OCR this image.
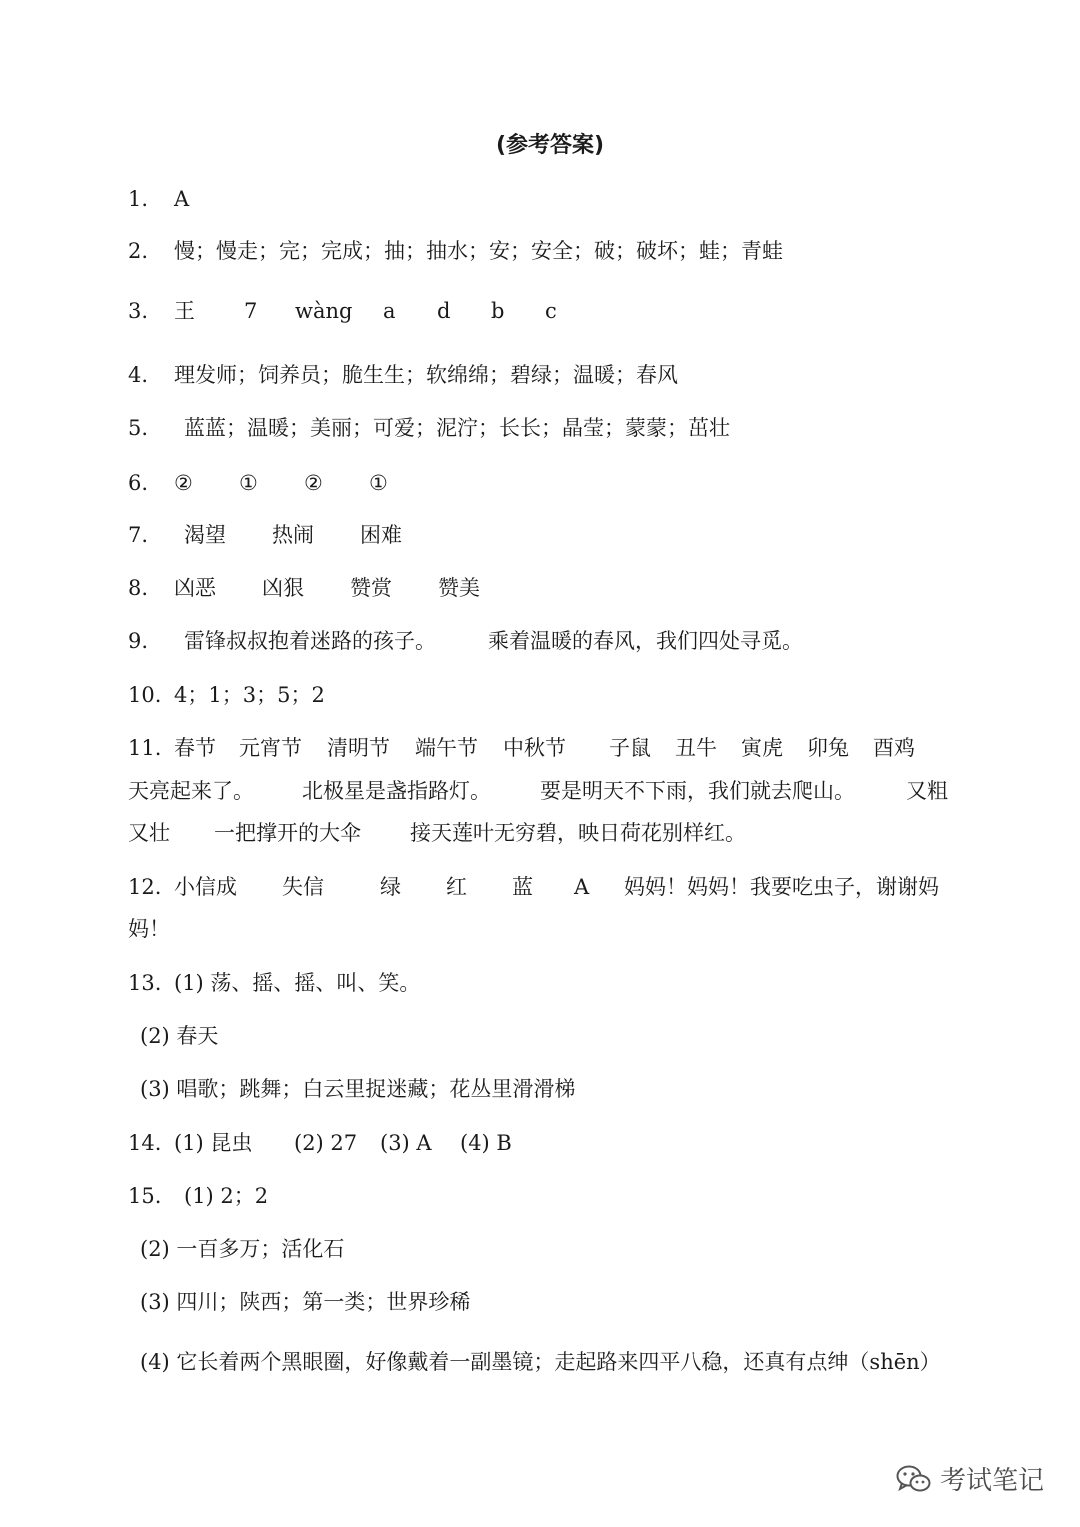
(参考答案)
1. A
2. 慢；慢走；完；完成；抽；抽水；安；安全；破；破坏；蛙；青蛙
3. 王 7 wàng a d b c
4. 理发师；饲养员；脆生生；软绵绵；碧绿；温暖；春风
5. 蓝蓝；温暖；美丽；可爱；泥泞；长长；晶莹；蒙蒙；茁壮
6. ② ① ② ①
7. 渴望 热闹 困难
8. 凶恶 凶狠 赞赏 赞美
9. 雷锋叔叔抱着迷路的孩子。 乘着温暖的春风，我们四处寻觅。
10. 4；1；3；5；2
11. 春节 元宵节 清明节 端午节 中秋节 子鼠 丑牛 寅虎 卯兔 酉鸡
天亮起来了。 北极星是盏指路灯。 要是明天不下雨，我们就去爬山。 又粗
又壮 一把撑开的大伞 接天莲叶无穷碧，映日荷花别样红。
12. 小信成 失信	绿 红 蓝 A 妈妈！妈妈！我要吃虫子，谢谢妈
妈！
13. (1) 荡、摇、摇、叫、笑。
(2) 春天
(3) 唱歌；跳舞；白云里捉迷藏；花丛里滑滑梯
14. (1) 昆虫 (2) 27 (3) A (4) B
15. (1) 2；2
(2) 一百多万；活化石
(3) 四川；陕西；第一类；世界珍稀
(4) 它长着两个黑眼圈，好像戴着一副墨镜；走起路来四平八稳，还真有点绅（shēn）
考试笔记
